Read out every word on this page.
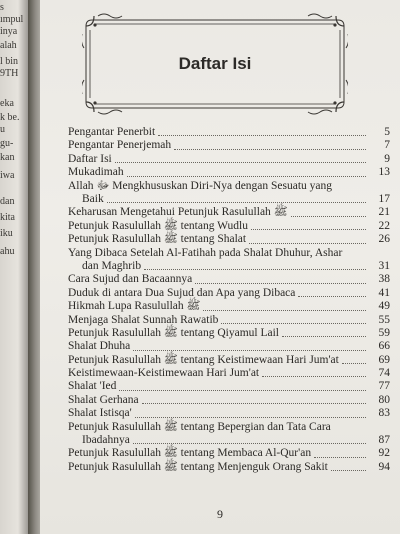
s
ımpul
inya
alah
l bin
9TH
eka
k be.
u ⁠ ⁠ ⁠ ⁠
gu-
kan
iwa
dan
kita
iku
ahu
Daftar Isi
Pengantar Penerbit	5
Pengantar Penerjemah	7
Daftar Isi	9
Mukadimah	13
Allah ﷻ Mengkhususkan Diri-Nya dengan Sesuatu yang
Baik	17
Keharusan Mengetahui Petunjuk Rasulullah ﷺ	21
Petunjuk Rasulullah ﷺ tentang Wudlu	22
Petunjuk Rasulullah ﷺ tentang Shalat	26
Yang Dibaca Setelah Al-Fatihah pada Shalat Dhuhur, Ashar
dan Maghrib	31
Cara Sujud dan Bacaannya	38
Duduk di antara Dua Sujud dan Apa yang Dibaca	41
Hikmah Lupa Rasulullah ﷺ	49
Menjaga Shalat Sunnah Rawatib	55
Petunjuk Rasulullah ﷺ tentang Qiyamul Lail	59
Shalat Dhuha	66
Petunjuk Rasulullah ﷺ tentang Keistimewaan Hari Jum'at	69
Keistimewaan-Keistimewaan Hari Jum'at	74
Shalat 'Ied	77
Shalat Gerhana	80
Shalat Istisqa'	83
Petunjuk Rasulullah ﷺ tentang Bepergian dan Tata Cara
Ibadahnya	87
Petunjuk Rasulullah ﷺ tentang Membaca Al-Qur'an	92
Petunjuk Rasulullah ﷺ tentang Menjenguk Orang Sakit	94
9
